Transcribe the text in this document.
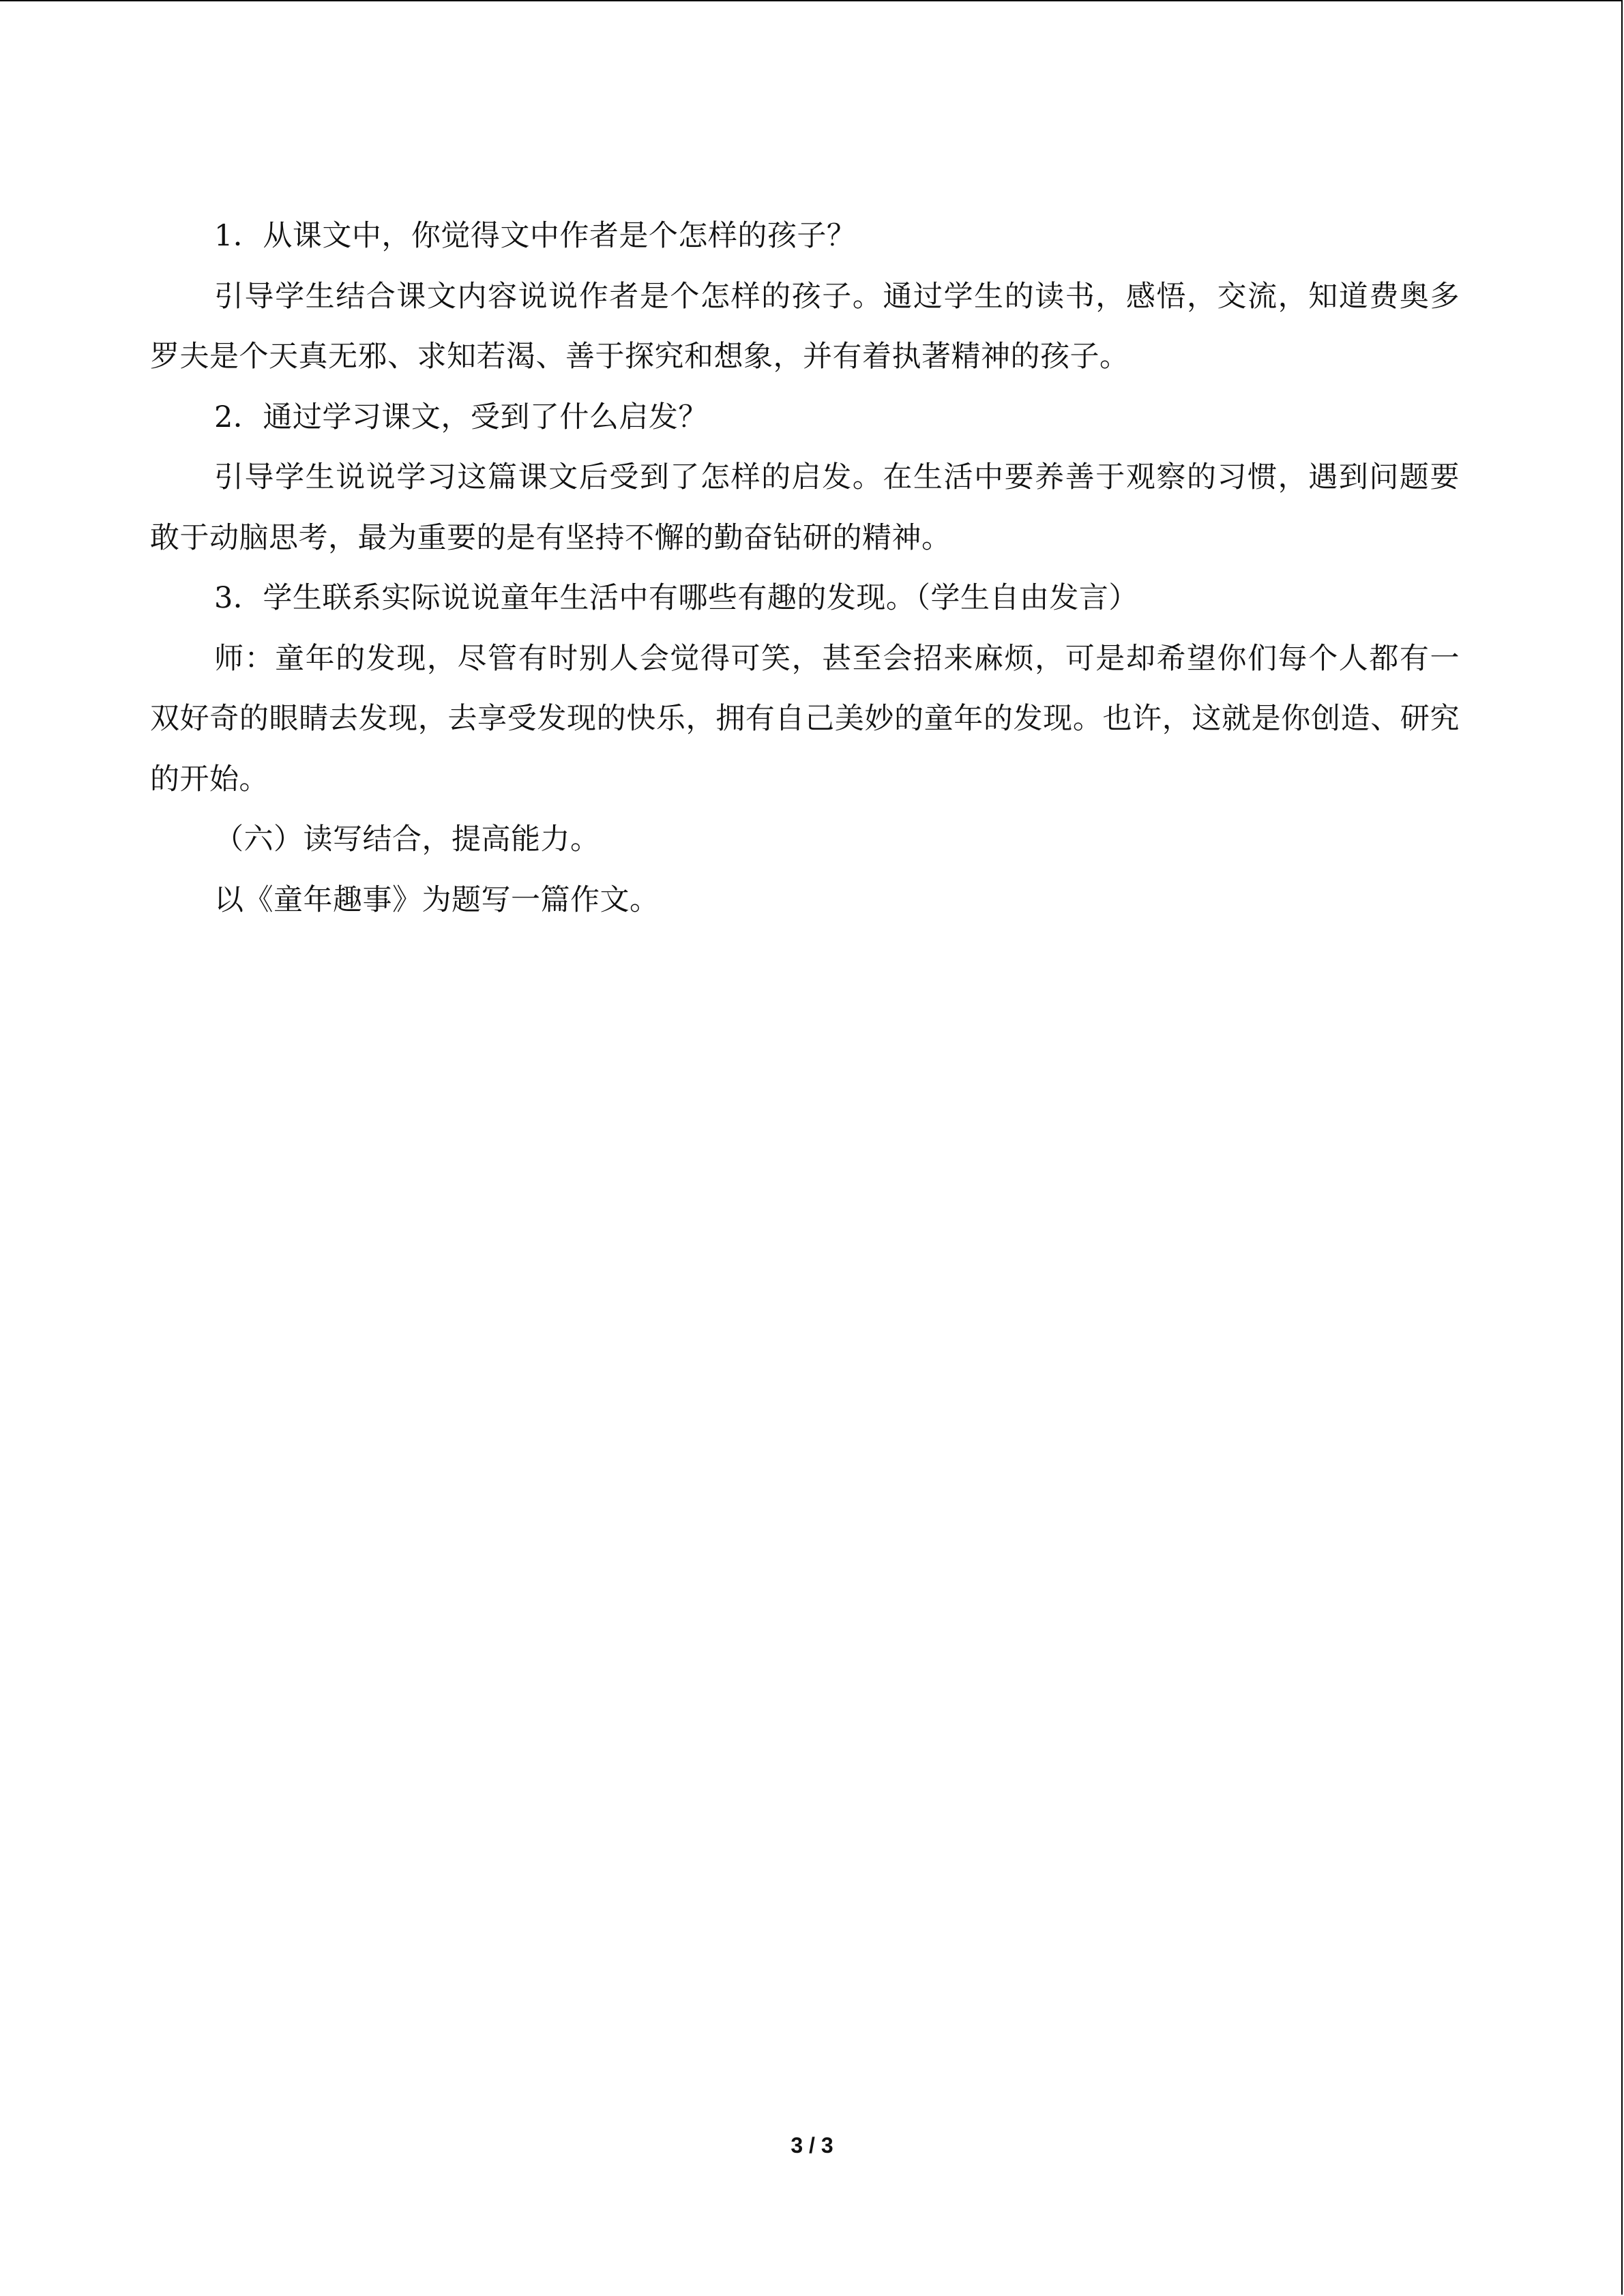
1．从课文中，你觉得文中作者是个怎样的孩子？

引导学生结合课文内容说说作者是个怎样的孩子。通过学生的读书，感悟，交流，知道费奥多罗夫是个天真无邪、求知若渴、善于探究和想象，并有着执著精神的孩子。

2．通过学习课文，受到了什么启发？

引导学生说说学习这篇课文后受到了怎样的启发。在生活中要养善于观察的习惯，遇到问题要敢于动脑思考，最为重要的是有坚持不懈的勤奋钻研的精神。

3．学生联系实际说说童年生活中有哪些有趣的发现。（学生自由发言）

师：童年的发现，尽管有时别人会觉得可笑，甚至会招来麻烦，可是却希望你们每个人都有一双好奇的眼睛去发现，去享受发现的快乐，拥有自己美妙的童年的发现。也许，这就是你创造、研究的开始。

（六）读写结合，提高能力。

以《童年趣事》为题写一篇作文。

3 / 3
